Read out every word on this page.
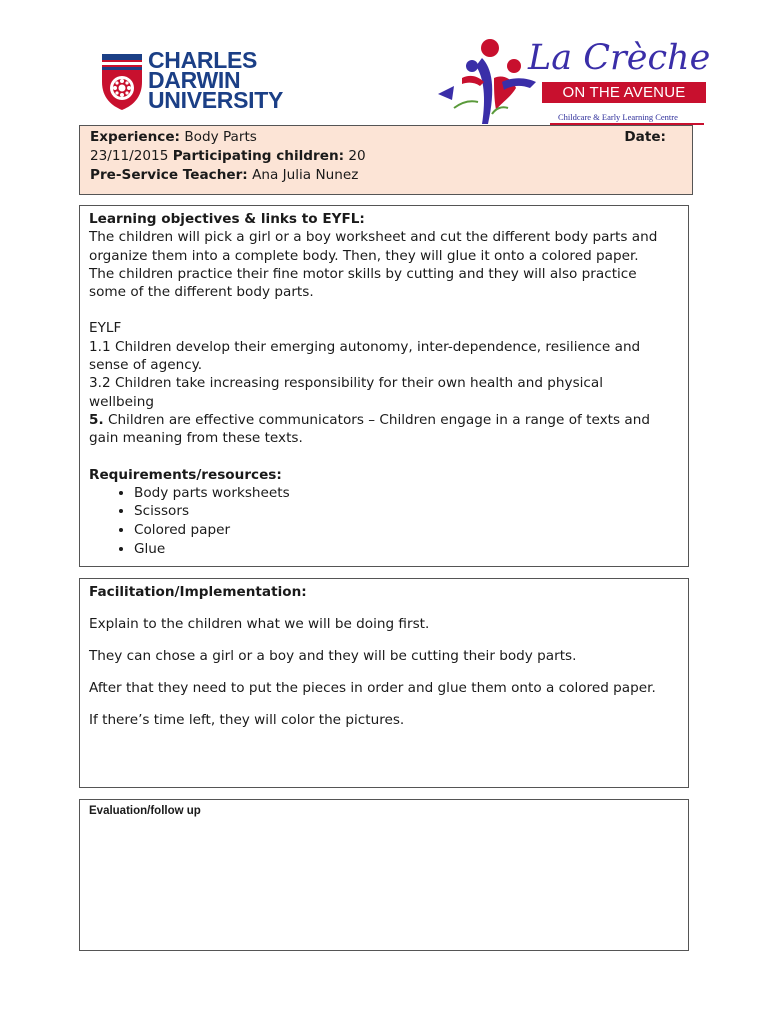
CHARLES
DARWIN
UNIVERSITY
La Crèche
ON THE AVENUE
Childcare & Early Learning Centre
Experience: Body Parts	Date:
23/11/2015 Participating children: 20
Pre-Service Teacher: Ana Julia Nunez

Learning objectives & links to EYFL:

The children will pick a girl or a boy worksheet and cut the different body parts and

organize them into a complete body. Then, they will glue it onto a colored paper.

The children practice their fine motor skills by cutting and they will also practice

some of the different body parts.

EYLF

1.1 Children develop their emerging autonomy, inter-dependence, resilience and

sense of agency.

3.2 Children take increasing responsibility for their own health and physical

wellbeing

5. Children are effective communicators – Children engage in a range of texts and

gain meaning from these texts.

Requirements/resources:

• Body parts worksheets
• Scissors
• Colored paper
• Glue

Facilitation/Implementation:

Explain to the children what we will be doing first.

They can chose a girl or a boy and they will be cutting their body parts.

After that they need to put the pieces in order and glue them onto a colored paper.

If there’s time left, they will color the pictures.

Evaluation/follow up
